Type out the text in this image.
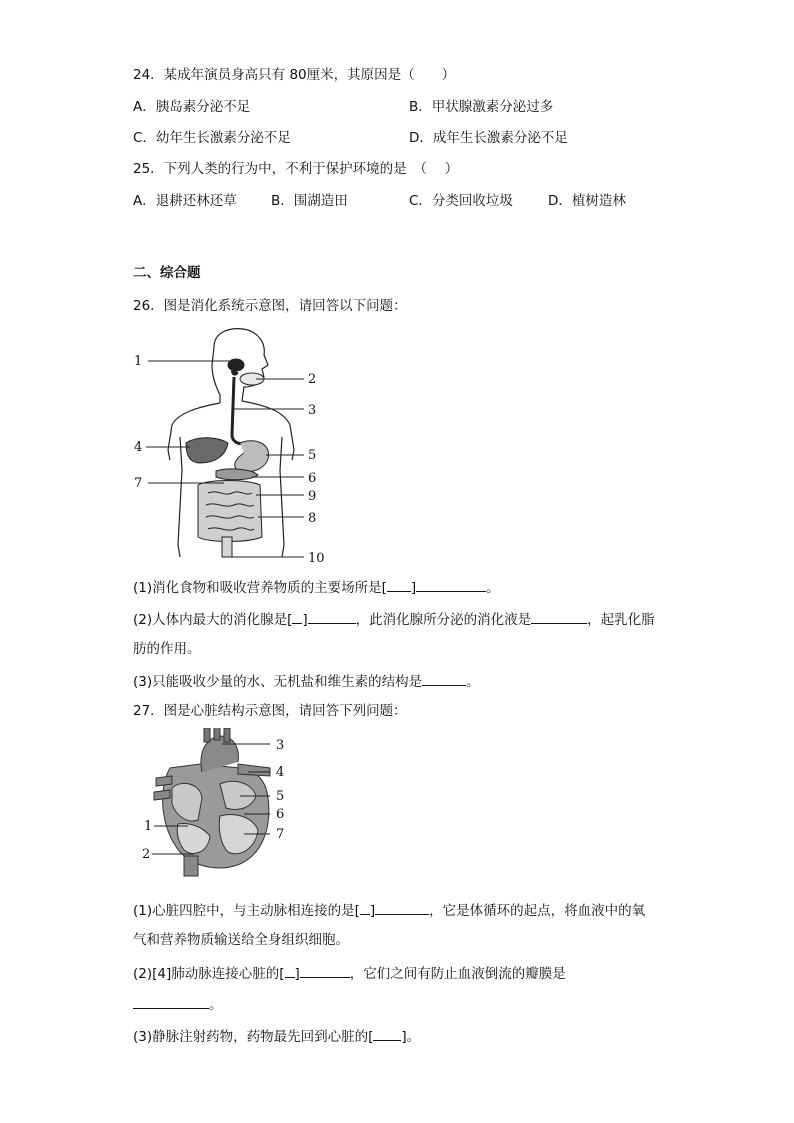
24．某成年演员身高只有 80厘米，其原因是（　　）
A．胰岛素分泌不足	B．甲状腺激素分泌过多
C．幼年生长激素分泌不足	D．成年生长激素分泌不足
25．下列人类的行为中，不利于保护环境的是　（　 ）
A．退耕还林还草	B．围湖造田	C．分类回收垃圾	D．植树造林
二、综合题
26．图是消化系统示意图，请回答以下问题：
1
2
3
4
5
6
7
8
9
10
(1)消化食物和吸收营养物质的主要场所是[ ]	。
(2)人体内最大的消化腺是[ ]	，此消化腺所分泌的消化液是	，起乳化脂
肪的作用。
(3)只能吸收少量的水、无机盐和维生素的结构是	。
27．图是心脏结构示意图，请回答下列问题：
3
4
5
6
7
1
2
(1)心脏四腔中，与主动脉相连接的是[ ]	，它是体循环的起点，将血液中的氧
气和营养物质输送给全身组织细胞。
(2)[4]肺动脉连接心脏的[ ]	，它们之间有防止血液倒流的瓣膜是
。
(3)静脉注射药物，药物最先回到心脏的[ ]。
